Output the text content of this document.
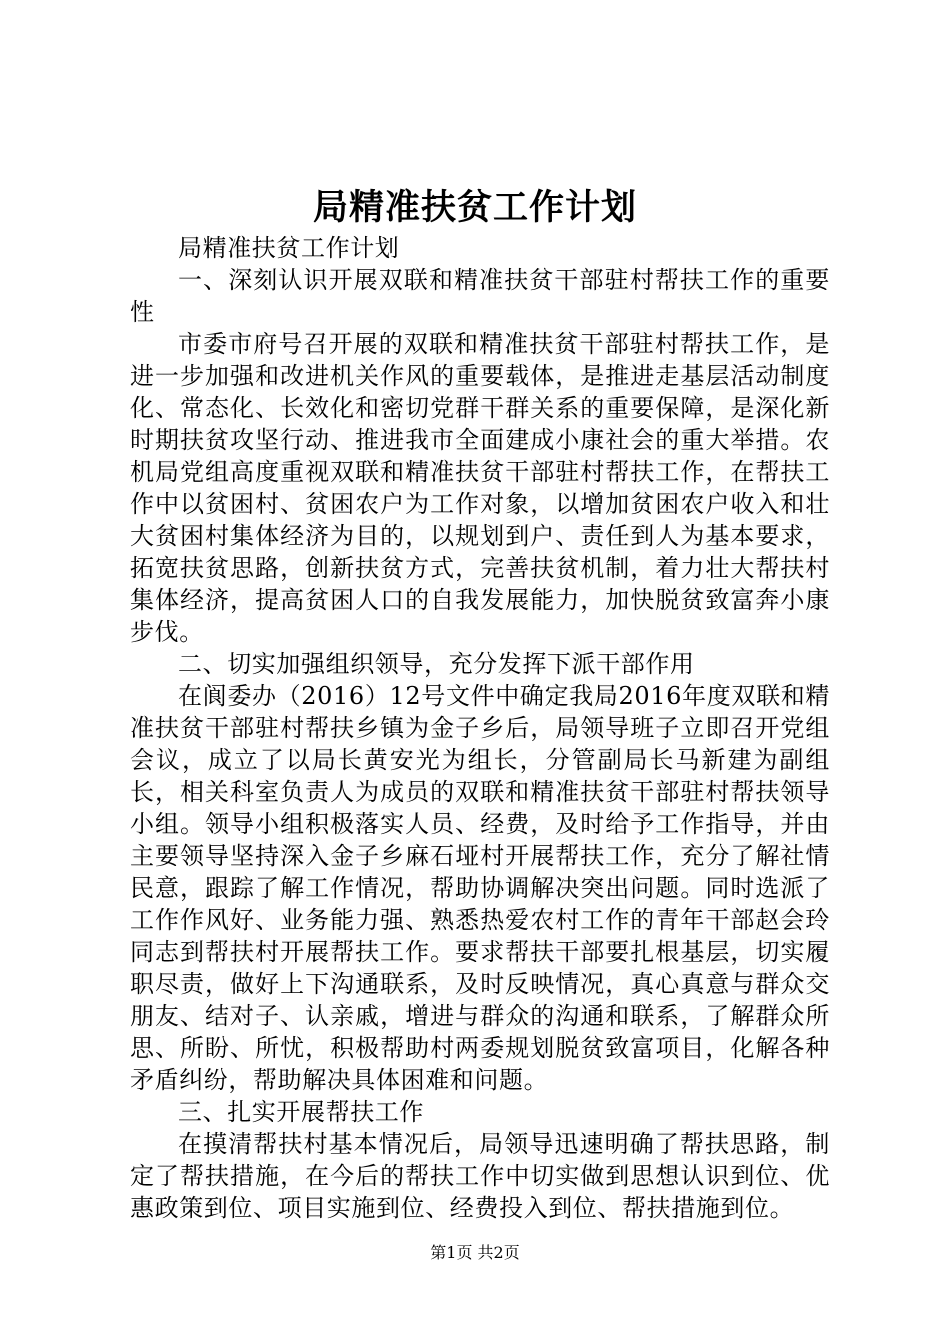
局精准扶贫工作计划

局精准扶贫工作计划

一、深刻认识开展双联和精准扶贫干部驻村帮扶工作的重要性

市委市府号召开展的双联和精准扶贫干部驻村帮扶工作，是进一步加强和改进机关作风的重要载体，是推进走基层活动制度化、常态化、长效化和密切党群干群关系的重要保障，是深化新时期扶贫攻坚行动、推进我市全面建成小康社会的重大举措。农机局党组高度重视双联和精准扶贫干部驻村帮扶工作，在帮扶工作中以贫困村、贫困农户为工作对象，以增加贫困农户收入和壮大贫困村集体经济为目的，以规划到户、责任到人为基本要求，拓宽扶贫思路，创新扶贫方式，完善扶贫机制，着力壮大帮扶村集体经济，提高贫困人口的自我发展能力，加快脱贫致富奔小康步伐。

二、切实加强组织领导，充分发挥下派干部作用

在阆委办（2016）12号文件中确定我局2016年度双联和精准扶贫干部驻村帮扶乡镇为金子乡后，局领导班子立即召开党组会议，成立了以局长黄安光为组长，分管副局长马新建为副组长，相关科室负责人为成员的双联和精准扶贫干部驻村帮扶领导小组。领导小组积极落实人员、经费，及时给予工作指导，并由主要领导坚持深入金子乡麻石垭村开展帮扶工作，充分了解社情民意，跟踪了解工作情况，帮助协调解决突出问题。同时选派了工作作风好、业务能力强、熟悉热爱农村工作的青年干部赵会玲同志到帮扶村开展帮扶工作。要求帮扶干部要扎根基层，切实履职尽责，做好上下沟通联系，及时反映情况，真心真意与群众交朋友、结对子、认亲戚，增进与群众的沟通和联系，了解群众所思、所盼、所忧，积极帮助村两委规划脱贫致富项目，化解各种矛盾纠纷，帮助解决具体困难和问题。

三、扎实开展帮扶工作

在摸清帮扶村基本情况后，局领导迅速明确了帮扶思路，制定了帮扶措施，在今后的帮扶工作中切实做到思想认识到位、优惠政策到位、项目实施到位、经费投入到位、帮扶措施到位。

第1页 共2页
